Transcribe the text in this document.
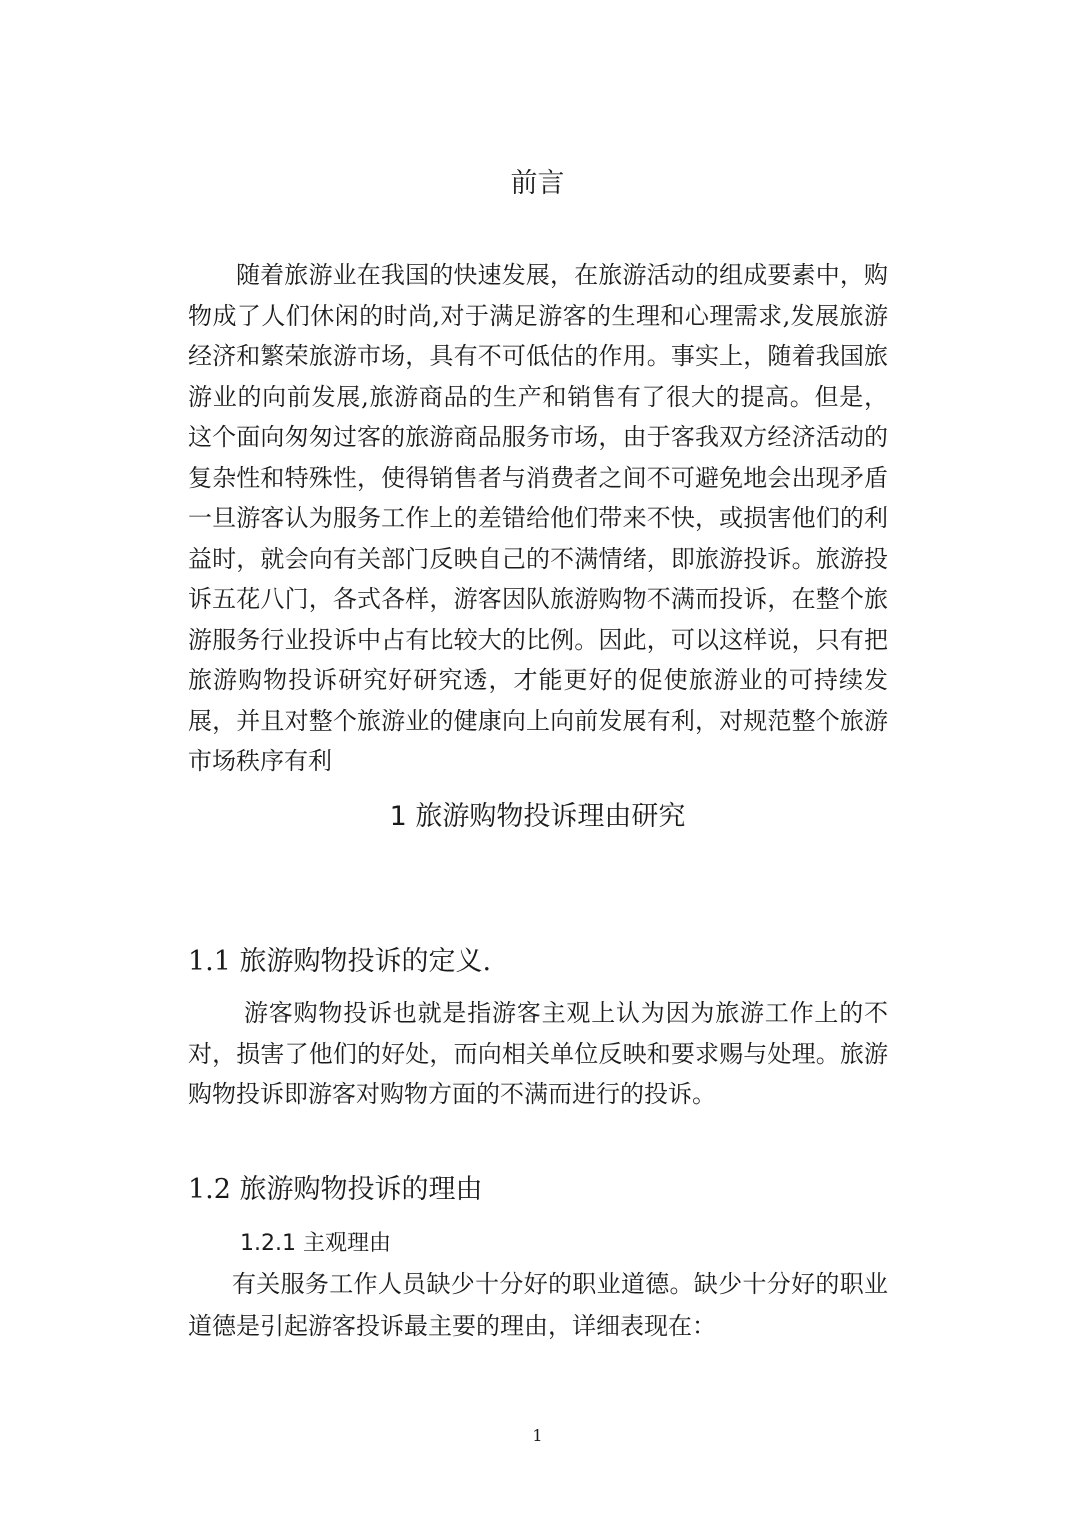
前言

随着旅游业在我国的快速发展，在旅游活动的组成要素中，购物成了人们休闲的时尚,对于满足游客的生理和心理需求,发展旅游经济和繁荣旅游市场，具有不可低估的作用。事实上，随着我国旅游业的向前发展,旅游商品的生产和销售有了很大的提高。但是，这个面向匆匆过客的旅游商品服务市场，由于客我双方经济活动的复杂性和特殊性，使得销售者与消费者之间不可避免地会出现矛盾一旦游客认为服务工作上的差错给他们带来不快，或损害他们的利益时，就会向有关部门反映自己的不满情绪，即旅游投诉。旅游投诉五花八门，各式各样，游客因队旅游购物不满而投诉，在整个旅游服务行业投诉中占有比较大的比例。因此，可以这样说，只有把旅游购物投诉研究好研究透，才能更好的促使旅游业的可持续发展，并且对整个旅游业的健康向上向前发展有利，对规范整个旅游市场秩序有利

1 旅游购物投诉理由研究
1.1 旅游购物投诉的定义.

游客购物投诉也就是指游客主观上认为因为旅游工作上的不对，损害了他们的好处，而向相关单位反映和要求赐与处理。旅游购物投诉即游客对购物方面的不满而进行的投诉。

1.2 旅游购物投诉的理由
1.2.1 主观理由

有关服务工作人员缺少十分好的职业道德。缺少十分好的职业道德是引起游客投诉最主要的理由，详细表现在：

1
